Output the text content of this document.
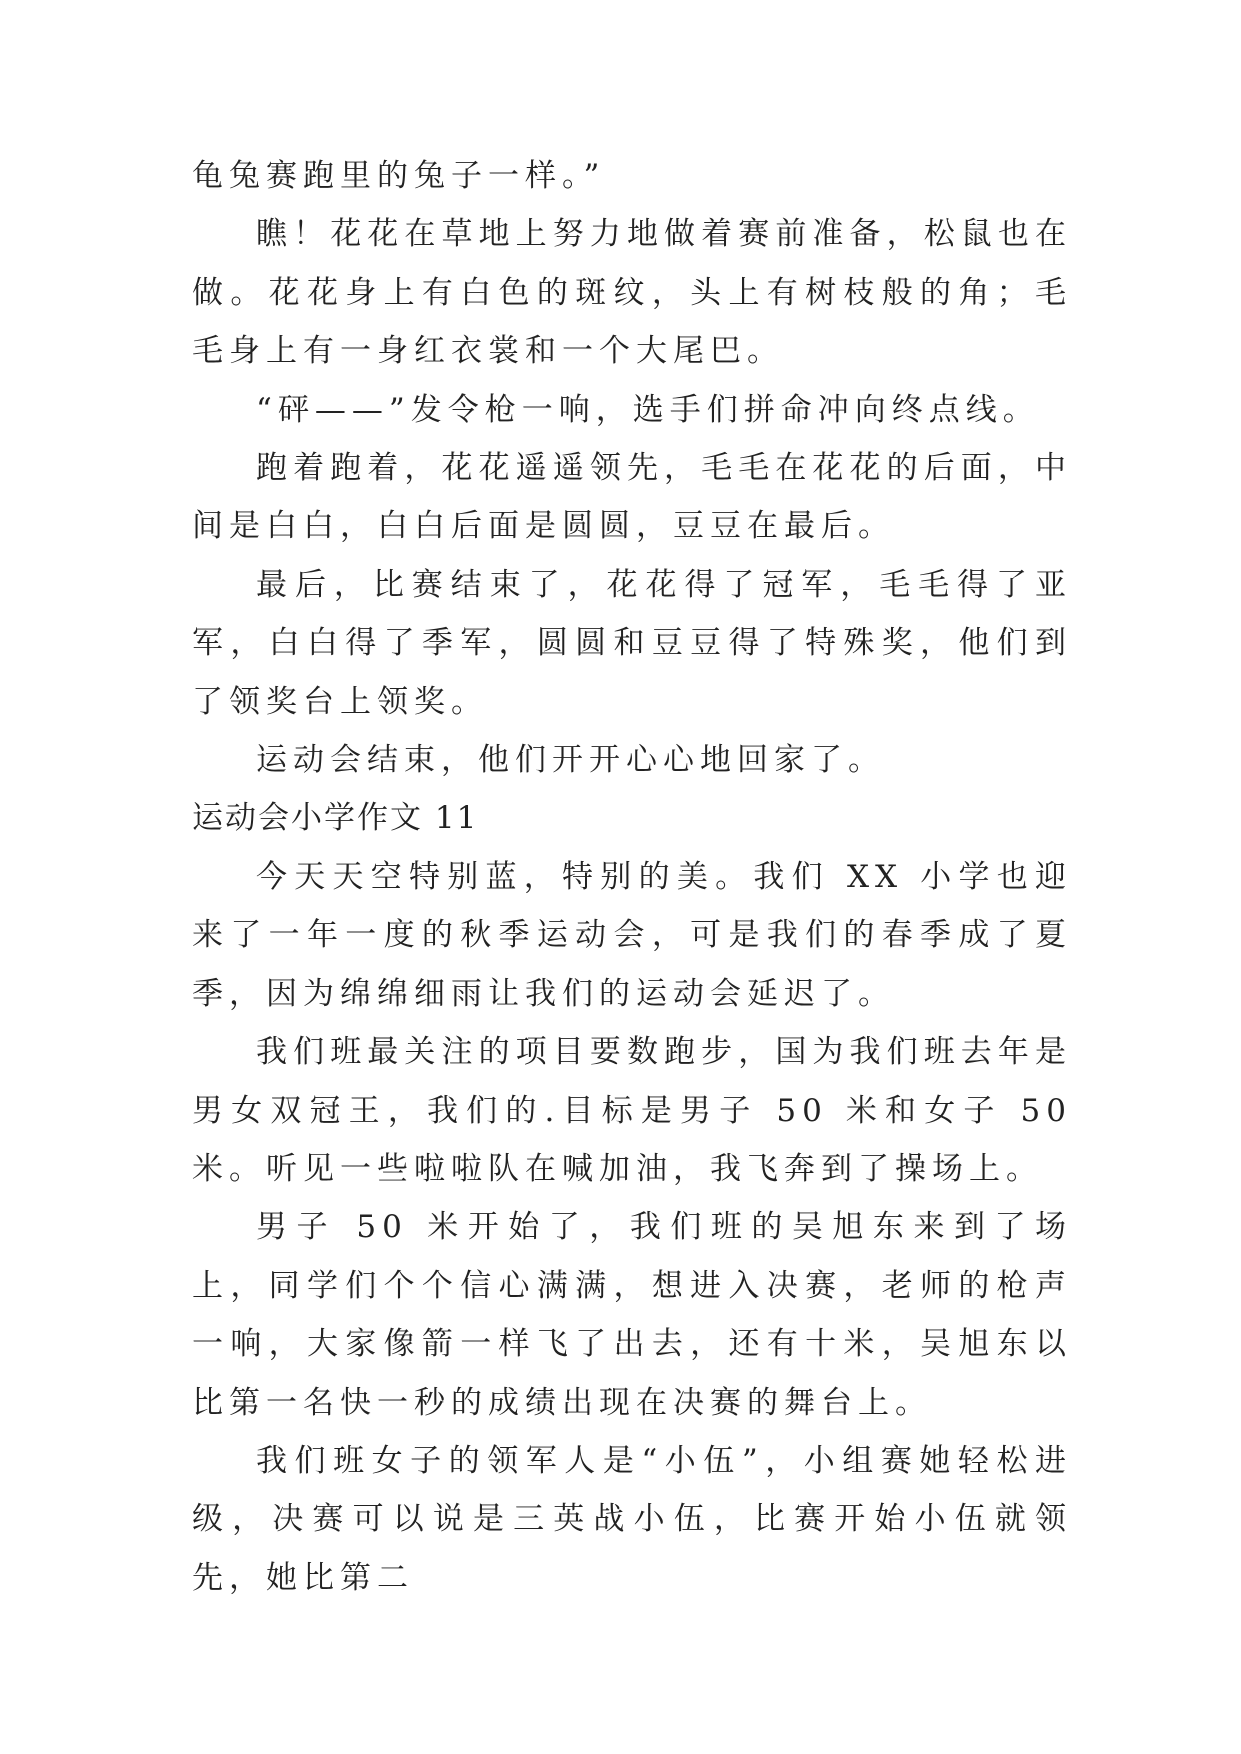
龟兔赛跑里的兔子一样。”

瞧！花花在草地上努力地做着赛前准备，松鼠也在做。花花身上有白色的斑纹，头上有树枝般的角；毛毛身上有一身红衣裳和一个大尾巴。

“砰——”发令枪一响，选手们拼命冲向终点线。

跑着跑着，花花遥遥领先，毛毛在花花的后面，中间是白白，白白后面是圆圆，豆豆在最后。

最后，比赛结束了，花花得了冠军，毛毛得了亚军，白白得了季军，圆圆和豆豆得了特殊奖，他们到了领奖台上领奖。

运动会结束，他们开开心心地回家了。

运动会小学作文 11

今天天空特别蓝，特别的美。我们 XX 小学也迎来了一年一度的秋季运动会，可是我们的春季成了夏季，因为绵绵细雨让我们的运动会延迟了。

我们班最关注的项目要数跑步，国为我们班去年是男女双冠王，我们的.目标是男子 50 米和女子 50 米。听见一些啦啦队在喊加油，我飞奔到了操场上。

男子 50 米开始了，我们班的吴旭东来到了场上，同学们个个信心满满，想进入决赛，老师的枪声一响，大家像箭一样飞了出去，还有十米，吴旭东以比第一名快一秒的成绩出现在决赛的舞台上。

我们班女子的领军人是“小伍”，小组赛她轻松进级，决赛可以说是三英战小伍，比赛开始小伍就领先，她比第二
